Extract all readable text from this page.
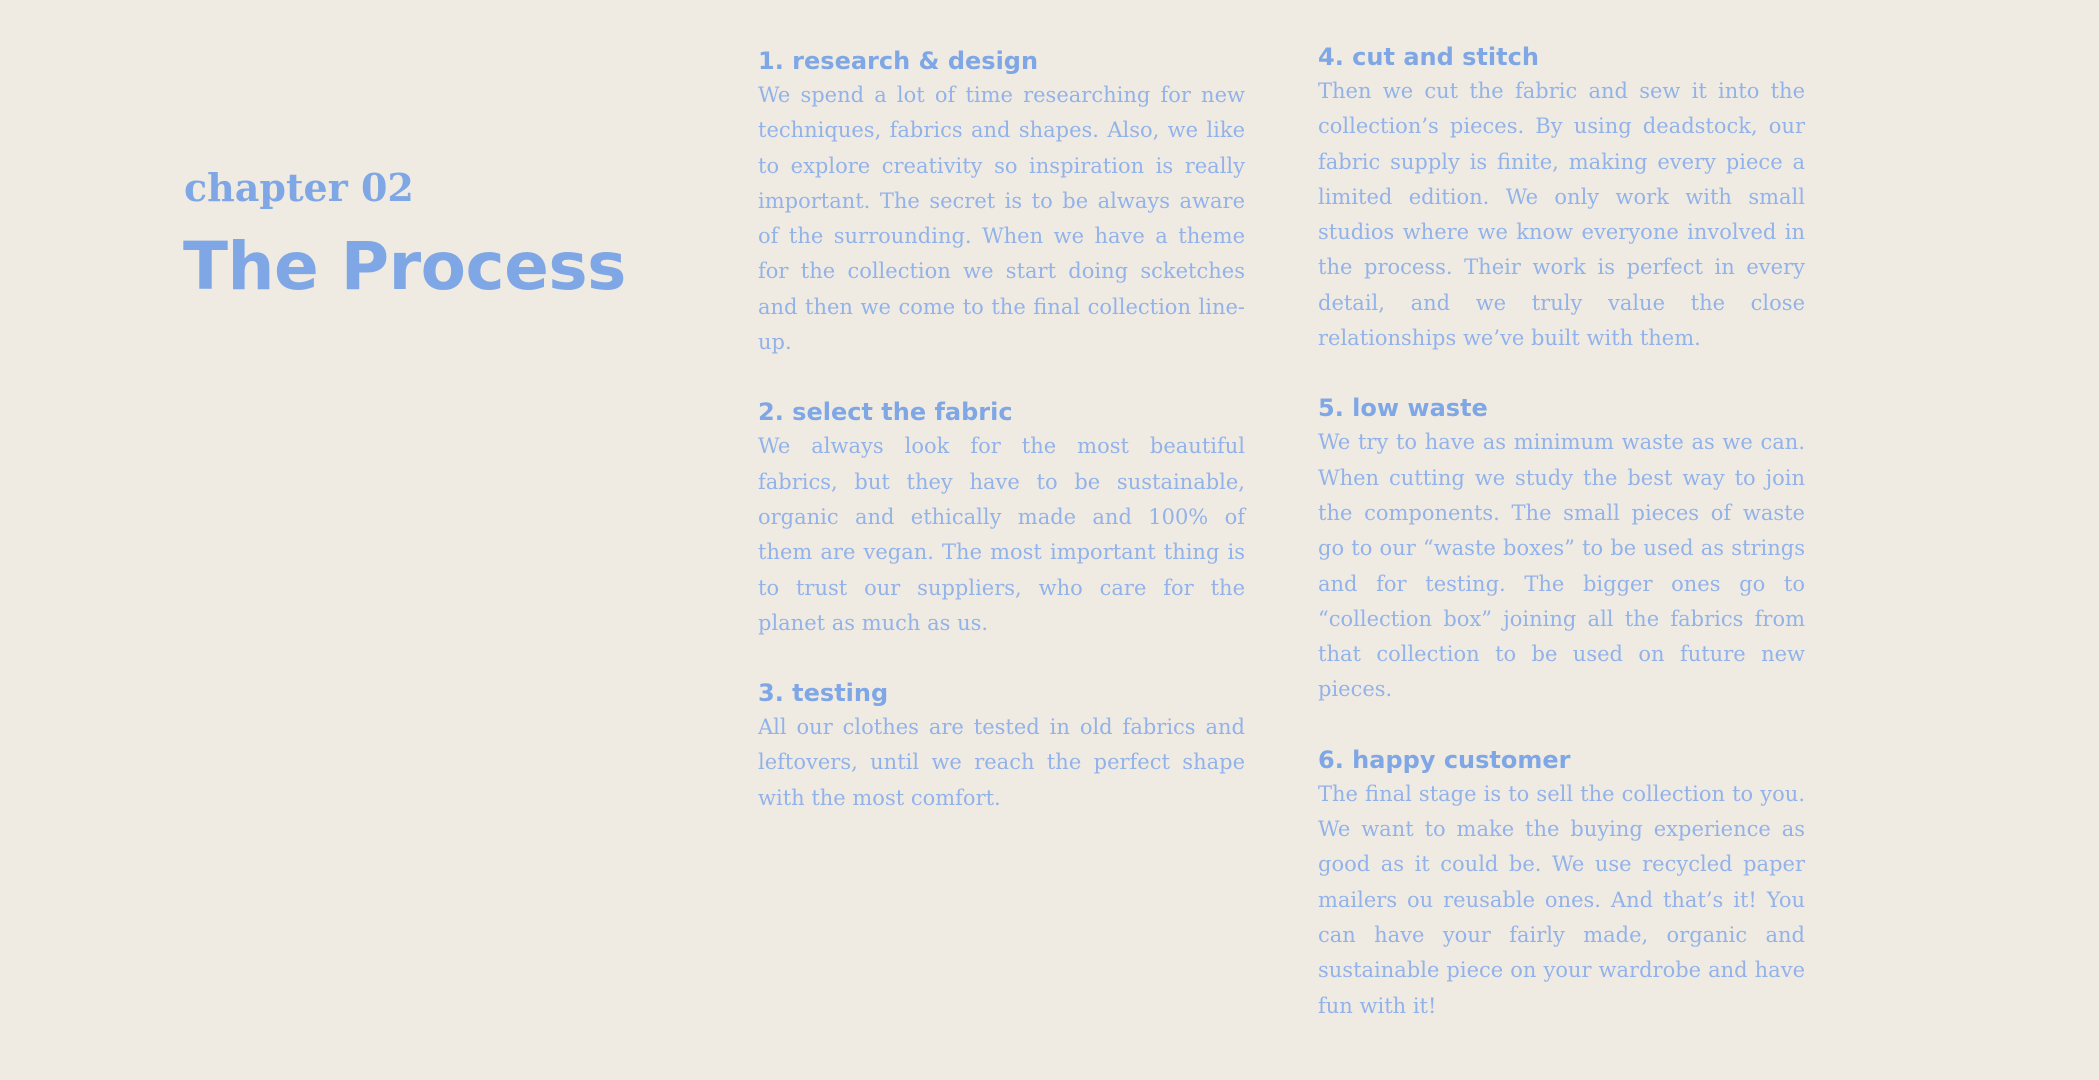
chapter 02
The Process
1. research & design

We spend a lot of time researching for new techniques, fabrics and shapes. Also, we like to explore creativity so inspiration is really important. The secret is to be always aware of the surrounding. When we have a theme for the collection we start doing scketches and then we come to the final collection line-up.

2. select the fabric

We always look for the most beautiful fabrics, but they have to be sustainable, organic and ethically made and 100% of them are vegan. The most important thing is to trust our suppliers, who care for the planet as much as us.

3. testing

All our clothes are tested in old fabrics and leftovers, until we reach the perfect shape with the most comfort.

4. cut and stitch

Then we cut the fabric and sew it into the collection’s pieces. By using deadstock, our fabric supply is finite, making every piece a limited edition. We only work with small studios where we know everyone involved in the process. Their work is perfect in every detail, and we truly value the close relationships we’ve built with them.

5. low waste

We try to have as minimum waste as we can. When cutting we study the best way to join the components. The small pieces of waste go to our “waste boxes” to be used as strings and for testing. The bigger ones go to “collection box” joining all the fabrics from that collection to be used on future new pieces.

6. happy customer

The final stage is to sell the collection to you. We want to make the buying experience as good as it could be. We use recycled paper mailers ou reusable ones. And that’s it! You can have your fairly made, organic and sustainable piece on your wardrobe and have fun with it!
